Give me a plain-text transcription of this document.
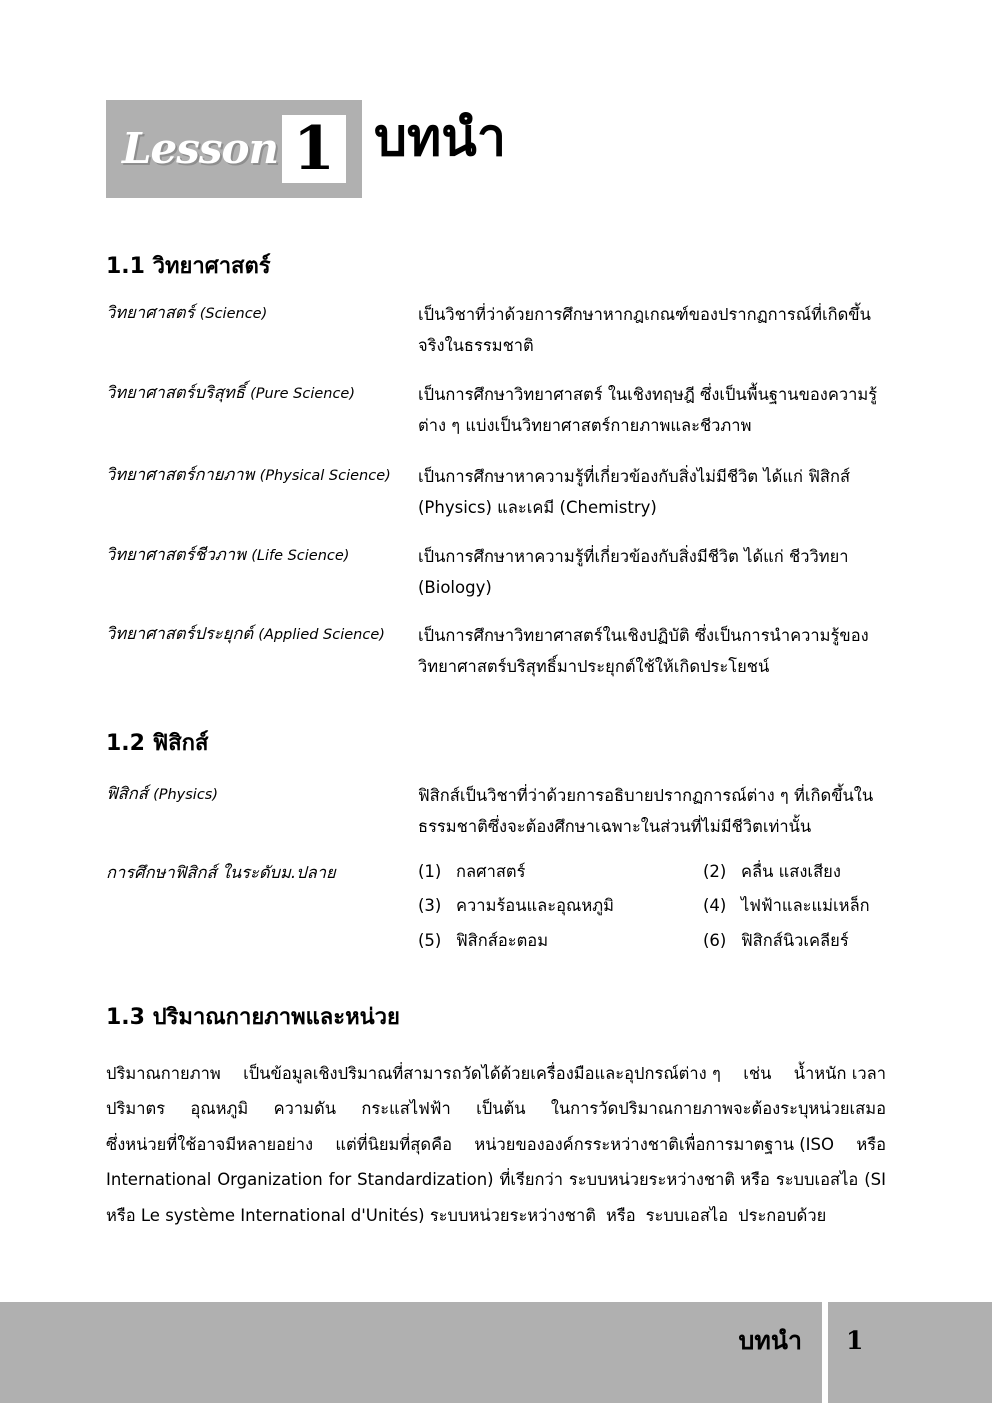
Lesson 1 บทนำ
1.1 วิทยาศาสตร์
วิทยาศาสตร์ (Science)	เป็นวิชาที่ว่าด้วยการศึกษาหากฎเกณฑ์ของปรากฏการณ์ที่เกิดขึ้นจริงในธรรมชาติ
วิทยาศาสตร์บริสุทธิ์ (Pure Science)	เป็นการศึกษาวิทยาศาสตร์ ในเชิงทฤษฎี ซึ่งเป็นพื้นฐานของความรู้ต่าง ๆ แบ่งเป็นวิทยาศาสตร์กายภาพและชีวภาพ
วิทยาศาสตร์กายภาพ (Physical Science)	เป็นการศึกษาหาความรู้ที่เกี่ยวข้องกับสิ่งไม่มีชีวิต ได้แก่ ฟิสิกส์ (Physics) และเคมี (Chemistry)
วิทยาศาสตร์ชีวภาพ (Life Science)	เป็นการศึกษาหาความรู้ที่เกี่ยวข้องกับสิ่งมีชีวิต ได้แก่ ชีววิทยา (Biology)
วิทยาศาสตร์ประยุกต์ (Applied Science)	เป็นการศึกษาวิทยาศาสตร์ในเชิงปฏิบัติ ซึ่งเป็นการนำความรู้ของวิทยาศาสตร์บริสุทธิ์มาประยุกต์ใช้ให้เกิดประโยชน์
1.2 ฟิสิกส์
ฟิสิกส์ (Physics)	ฟิสิกส์เป็นวิชาที่ว่าด้วยการอธิบายปรากฏการณ์ต่าง ๆ ที่เกิดขึ้นในธรรมชาติซึ่งจะต้องศึกษาเฉพาะในส่วนที่ไม่มีชีวิตเท่านั้น
การศึกษาฟิสิกส์ ในระดับม.ปลาย	(1) กลศาสตร์	(2) คลื่น แสงเสียง
(3) ความร้อนและอุณหภูมิ	(4) ไฟฟ้าและแม่เหล็ก
(5) ฟิสิกส์อะตอม	(6) ฟิสิกส์นิวเคลียร์
1.3 ปริมาณกายภาพและหน่วย
ปริมาณกายภาพ เป็นข้อมูลเชิงปริมาณที่สามารถวัดได้ด้วยเครื่องมือและอุปกรณ์ต่าง ๆ เช่น น้ำหนัก เวลา
ปริมาตร อุณหภูมิ ความดัน กระแสไฟฟ้า เป็นต้น ในการวัดปริมาณกายภาพจะต้องระบุหน่วยเสมอ
ซึ่งหน่วยที่ใช้อาจมีหลายอย่าง แต่ที่นิยมที่สุดคือ หน่วยขององค์กรระหว่างชาติเพื่อการมาตฐาน (ISO หรือ
International Organization for Standardization) ที่เรียกว่า ระบบหน่วยระหว่างชาติ หรือ ระบบเอสไอ (SI
หรือ Le système International d'Unités) ระบบหน่วยระหว่างชาติ หรือ ระบบเอสไอ ประกอบด้วย
บทนำ 1
